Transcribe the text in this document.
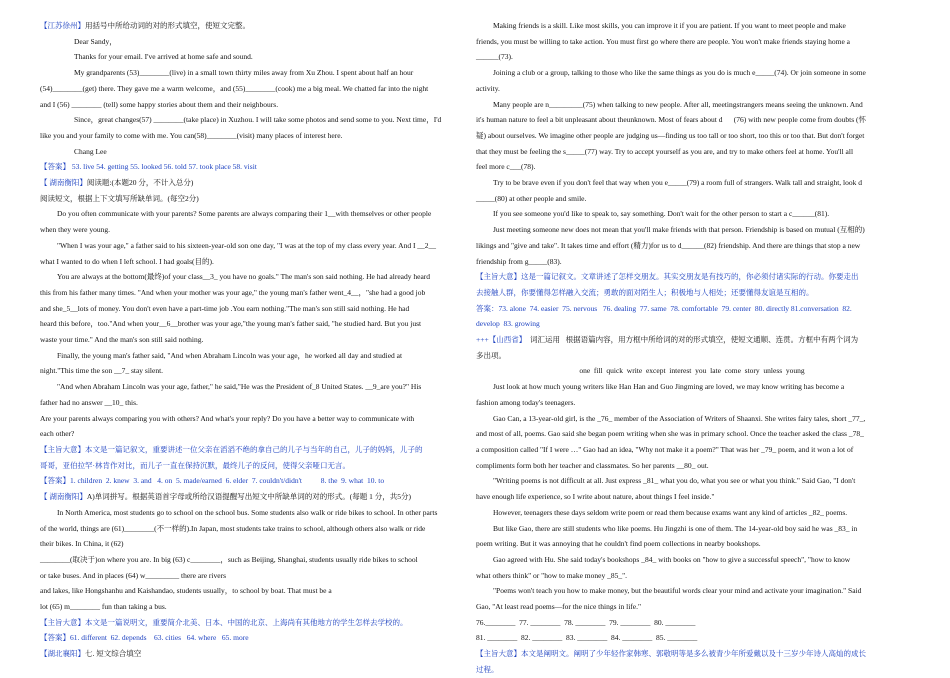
【江苏徐州】用括号中所给动词的对的形式填空，使短文完整。

Dear Sandy，

Thanks for your email. I've arrived at home safe and sound.

My grandparents (53)________(live) in a small town thirty miles away from Xu Zhou. I spent about half an hour

(54)________(get) there. They gave me a warm welcome，and (55)________(cook) me a big meal. We chatted far into the night

and I (56) ________ (tell) some happy stories about them and their neighbours.

Since，great changes(57) ________(take place) in Xuzhou. I will take some photos and send some to you. Next time，I'd

like you and your family to come with me. You can(58)________(visit) many places of interest here.

Chang Lee

【答案】 53. live 54. getting 55. looked 56. told 57. took place 58. visit

【 湖南衡阳】阅读题:(本题20 分，不计入总分)

阅读短文，根据上下文填写所缺单词。(每空2分)

Do you often communicate with your parents? Some parents are always comparing their 1__with themselves or other people

when they were young.

"When I was your age," a father said to his sixteen-year-old son one day, "I was at the top of my class every year. And I __2__

what I wanted to do when I left school. I had goals(目的).

You are always at the bottom(最终)of your class__3_ you have no goals." The man's son said nothing. He had already heard

this from his father many times. "And when your mother was your age," the young man's father went_4__，"she had a good job

and she_5__lots of money. You don't even have a part-time job .You earn nothing."The man's son still said nothing. He had

heard this before，too."And when your__6__brother was your age,"the young man's father said, "he studied hard. But you just

waste your time." And the man's son still said nothing.

Finally, the young man's father said, "And when Abraham Lincoln was your age，he worked all day and studied at

night."This time the son __7_ stay silent.

"And when Abraham Lincoln was your age, father," he said,"He was the President of_8 United States. __9_are you?" His

father had no answer __10_ this.

Are your parents always comparing you with others? And what's your reply? Do you have a better way to communicate with

each other?

【主旨大意】本文是一篇记叙文，重要讲述一位父亲在滔滔不绝的拿自己的儿子与当年的自己，儿子的妈妈，儿子的

哥哥，亚伯拉罕·林肯作对比，而儿子一直在保持沉默，最终儿子的反问，使得父亲哑口无言。

【答案】1. children  2. knew  3. and   4. on  5. made/earned  6. elder  7. couldn't/didn't          8. the  9. what  10. to

【 湖南衡阳】A)单词拼写。根据英语首字母或所给汉语提醒写出短文中所缺单词的对的形式。(每题 1 分，共5分)

In North America, most students go to school on the school bus. Some students also walk or ride bikes to school. In other parts

of the world, things are (61)________(不一样的).In Japan, most students take trains to school, although others also walk or ride

their bikes. In China, it (62)

________(取决于)on where you are. In big (63) c________，such as Beijing, Shanghai, students usually ride bikes to school

or take buses. And in places (64) w_________ there are rivers

and lakes, like Hongshanhu and Kaishandao, students usually，to school by boat. That must be a

lot (65) m________ fun than taking a bus.

【主旨大意】本文是一篇说明文，重要简介北美、日本、中国的北京、上海尚有其他地方的学生怎样去学校的。

【答案】61. different  62. depends    63. cities   64. where   65. more

【湖北襄阳】七. 短文综合填空

Making friends is a skill. Like most skills, you can improve it if you are patient. If you want to meet people and make

friends, you must be willing to take action. You must first go where there are people. You won't make friends staying home a

______(73).

Joining a club or a group, talking to those who like the same things as you do is much e_____(74). Or join someone in some

activity.

Many people are n_________(75) when talking to new people. After all, meetingstrangers means seeing the unknown. And

it's human nature to feel a bit unpleasant about theunknown. Most of fears about d      (76) with new people come from doubts (怀

疑) about ourselves. We imagine other people are judging us—finding us too tall or too short, too this or too that. But don't forget

that they must be feeling the s_____(77) way. Try to accept yourself as you are, and try to make others feel at home. You'll all

feel more c___(78).

Try to be brave even if you don't feel that way when you e_____(79) a room full of strangers. Walk tall and straight, look d

_____(80) at other people and smile.

If you see someone you'd like to speak to, say something. Don't wait for the other person to start a c______(81).

Just meeting someone new does not mean that you'll make friends with that person. Friendship is based on mutual (互相的)

likings and "give and take". It takes time and effort (精力)for us to d______(82) friendship. And there are things that stop a new

friendship from g_____(83).

【主旨大意】这是一篇记叙文。文章讲述了怎样交朋友。其实交朋友是有技巧的，你必须付诸实际的行动。你要走出

去接触人群，你要懂得怎样融入交流；勇敢的面对陌生人；积极地与人相处；还要懂得友谊是互相的。

答案：73. alone  74. easier  75. nervous   76. dealing  77. same  78. comfortable  79. center  80. directly 81.conversation  82.

develop  83. growing

+++【山西省】  词汇运用   根据语篇内容，用方框中所给词的对的形式填空，使短文通顺、连贯。方框中有两个词为

多出项。

one  fill  quick  write  except  interest  you  late  come  story  unless  young

Just look at how much young writers like Han Han and Guo Jingming are loved, we may know writing has become a

fashion among today's teenagers.

Gao Can, a 13-year-old girl, is the _76_ member of the Association of Writers of Shaanxi. She writes fairy tales, short _77_,

and most of all, poems. Gao said she began poem writing when she was in primary school. Once the teacher asked the class _78_

a composition called "If I were …" Gao had an idea, "Why not make it a poem?" That was her _79_ poem, and it won a lot of

compliments form both her teacher and classmates. So her parents __80_ out.

"Writing poems is not difficult at all. Just express _81_ what you do, what you see or what you think." Said Gao, "I don't

have enough life experience, so I write about nature, about things I feel inside."

However, teenagers these days seldom write poem or read them because exams want any kind of articles _82_ poems.

But like Gao, there are still students who like poems. Hu Jingzhi is one of them. The 14-year-old boy said he was _83_ in

poem writing. But it was annoying that he couldn't find poem collections in nearby bookshops.

Gao agreed with Hu. She said today's bookshops _84_ with books on "how to give a successful speech", "how to know

what others think" or "how to make money _85_".

"Poems won't teach you how to make money, but the beautiful words clear your mind and activate your imagination." Said

Gao, "At least read poems—for the nice things in life."

76.________  77. ________  78. ________  79. ________  80. ________

81. ________  82. ________  83. ________  84. ________  85. ________

【主旨大意】本文是阐明文。阐明了少年轻作家韩寒、郭敬明等是多么被青少年所爱戴以及十三岁少年诗人高灿的成长

过程。
